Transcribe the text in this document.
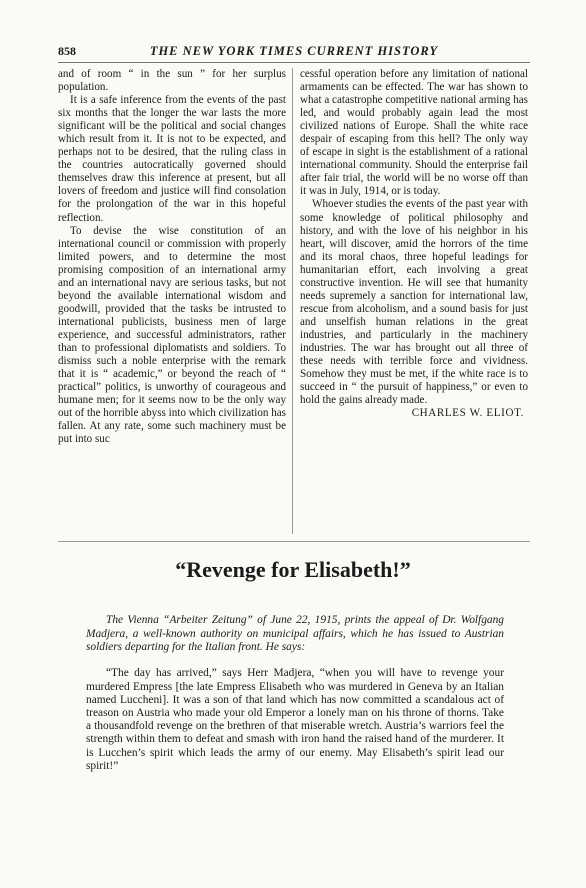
858	THE NEW YORK TIMES CURRENT HISTORY

and of room “ in the sun ” for her surplus population.

It is a safe inference from the events of the past six months that the longer the war lasts the more significant will be the political and social changes which result from it. It is not to be expected, and perhaps not to be desired, that the ruling class in the countries autocratically governed should themselves draw this inference at present, but all lovers of freedom and justice will find consolation for the prolongation of the war in this hopeful reflection.

To devise the wise constitution of an international council or commission with properly limited powers, and to determine the most promising composition of an international army and an international navy are serious tasks, but not beyond the available international wisdom and goodwill, provided that the tasks be intrusted to international publicists, business men of large experience, and successful administrators, rather than to professional diplomatists and soldiers. To dismiss such a noble enterprise with the remark that it is “ academic,” or beyond the reach of “ practical” politics, is unworthy of courageous and humane men; for it seems now to be the only way out of the horrible abyss into which civilization has fallen. At any rate, some such machinery must be put into suc

cessful operation before any limitation of national armaments can be effected. The war has shown to what a catastrophe competitive national arming has led, and would probably again lead the most civilized nations of Europe. Shall the white race despair of escaping from this hell? The only way of escape in sight is the establishment of a rational international community. Should the enterprise fail after fair trial, the world will be no worse off than it was in July, 1914, or is today.

Whoever studies the events of the past year with some knowledge of political philosophy and history, and with the love of his neighbor in his heart, will discover, amid the horrors of the time and its moral chaos, three hopeful leadings for humanitarian effort, each involving a great constructive invention. He will see that humanity needs supremely a sanction for international law, rescue from alcoholism, and a sound basis for just and unselfish human relations in the great industries, and particularly in the machinery industries. The war has brought out all three of these needs with terrible force and vividness. Somehow they must be met, if the white race is to succeed in “ the pursuit of happiness,” or even to hold the gains already made.

CHARLES W. ELIOT.

“Revenge for Elisabeth!”

The Vienna “Arbeiter Zeitung” of June 22, 1915, prints the appeal of Dr. Wolfgang Madjera, a well-known authority on municipal affairs, which he has issued to Austrian soldiers departing for the Italian front. He says:

“The day has arrived,” says Herr Madjera, “when you will have to revenge your murdered Empress [the late Empress Elisabeth who was murdered in Geneva by an Italian named Luccheni]. It was a son of that land which has now committed a scandalous act of treason on Austria who made your old Emperor a lonely man on his throne of thorns. Take a thousandfold revenge on the brethren of that miserable wretch. Austria’s warriors feel the strength within them to defeat and smash with iron hand the raised hand of the murderer. It is Lucchen’s spirit which leads the army of our enemy. May Elisabeth’s spirit lead our spirit!”
